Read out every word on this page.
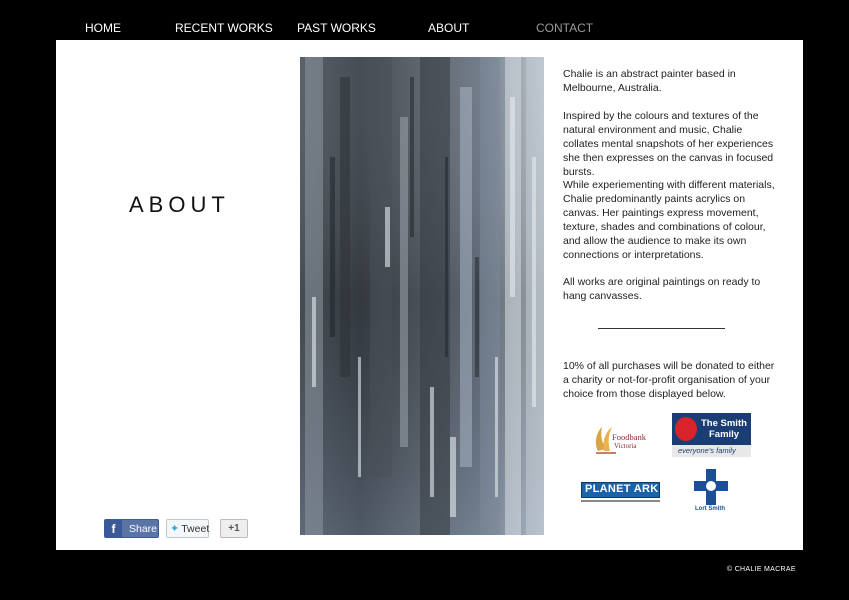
HOME	RECENT WORKS PAST WORKS	ABOUT	CONTACT
ABOUT

Chalie is an abstract painter based in Melbourne, Australia.

Inspired by the colours and textures of the natural environment and music, Chalie collates mental snapshots of her experiences she then expresses on the canvas in focused bursts.

While experiementing with different materials, Chalie predominantly paints acrylics on canvas. Her paintings express movement, texture, shades and combinations of colour, and allow the audience to make its own connections or interpretations.

All works are original paintings on ready to hang canvasses.

10% of all purchases will be donated to either a charity or not-for-profit organisation of your choice from those displayed below.

Foodbank
Victoria
The Smith
Family
everyone's family
PLANET ARK
Lort Smith
f	Share ✦ Tweet +1
© CHALIE MACRAE
